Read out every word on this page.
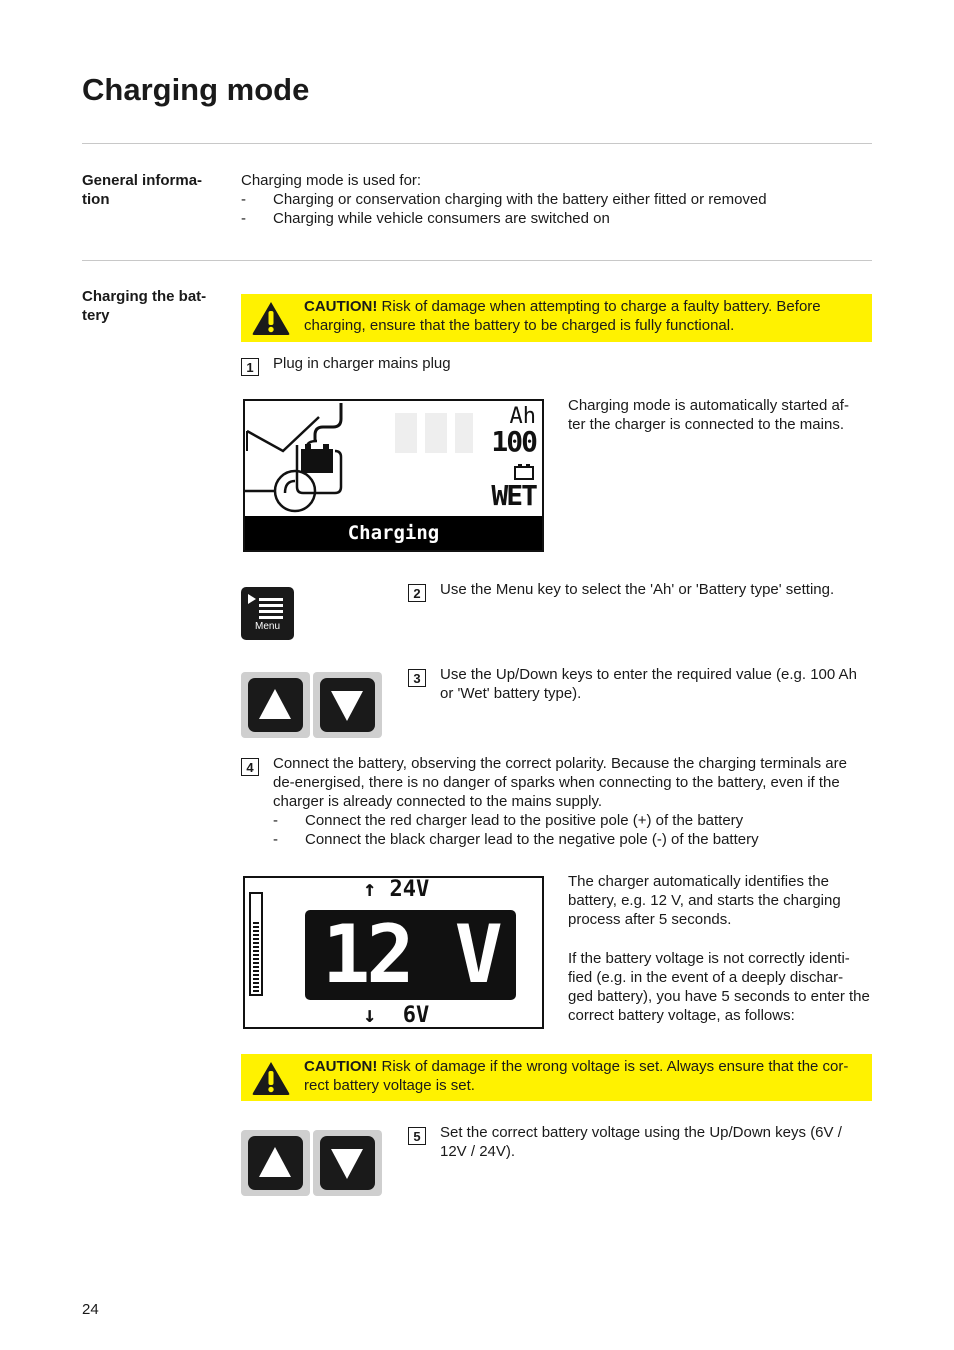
Charging mode
General informa-
tion
Charging mode is used for:
- Charging or conservation charging with the battery either fitted or removed
- Charging while vehicle consumers are switched on
Charging the bat-
tery
CAUTION! Risk of damage when attempting to charge a faulty battery. Before charging, ensure that the battery to be charged is fully functional.
1	Plug in charger mains plug
Ah
100
WET
Charging
Charging mode is automatically started af-
ter the charger is connected to the mains.
Menu
2	Use the Menu key to select the 'Ah' or 'Battery type' setting.
3	Use the Up/Down keys to enter the required value (e.g. 100 Ah or 'Wet' battery type).
4	Connect the battery, observing the correct polarity. Because the charging terminals are de-energised, there is no danger of sparks when connecting to the battery, even if the charger is already connected to the mains supply.
- Connect the red charger lead to the positive pole (+) of the battery
- Connect the black charger lead to the negative pole (-) of the battery
↑ 24V
12 V
↓ 6V
The charger automatically identifies the battery, e.g. 12 V, and starts the charging process after 5 seconds.
If the battery voltage is not correctly identi-
fied (e.g. in the event of a deeply dischar-
ged battery), you have 5 seconds to enter the correct battery voltage, as follows:
CAUTION! Risk of damage if the wrong voltage is set. Always ensure that the cor-rect battery voltage is set.
5	Set the correct battery voltage using the Up/Down keys (6V / 12V / 24V).
24
